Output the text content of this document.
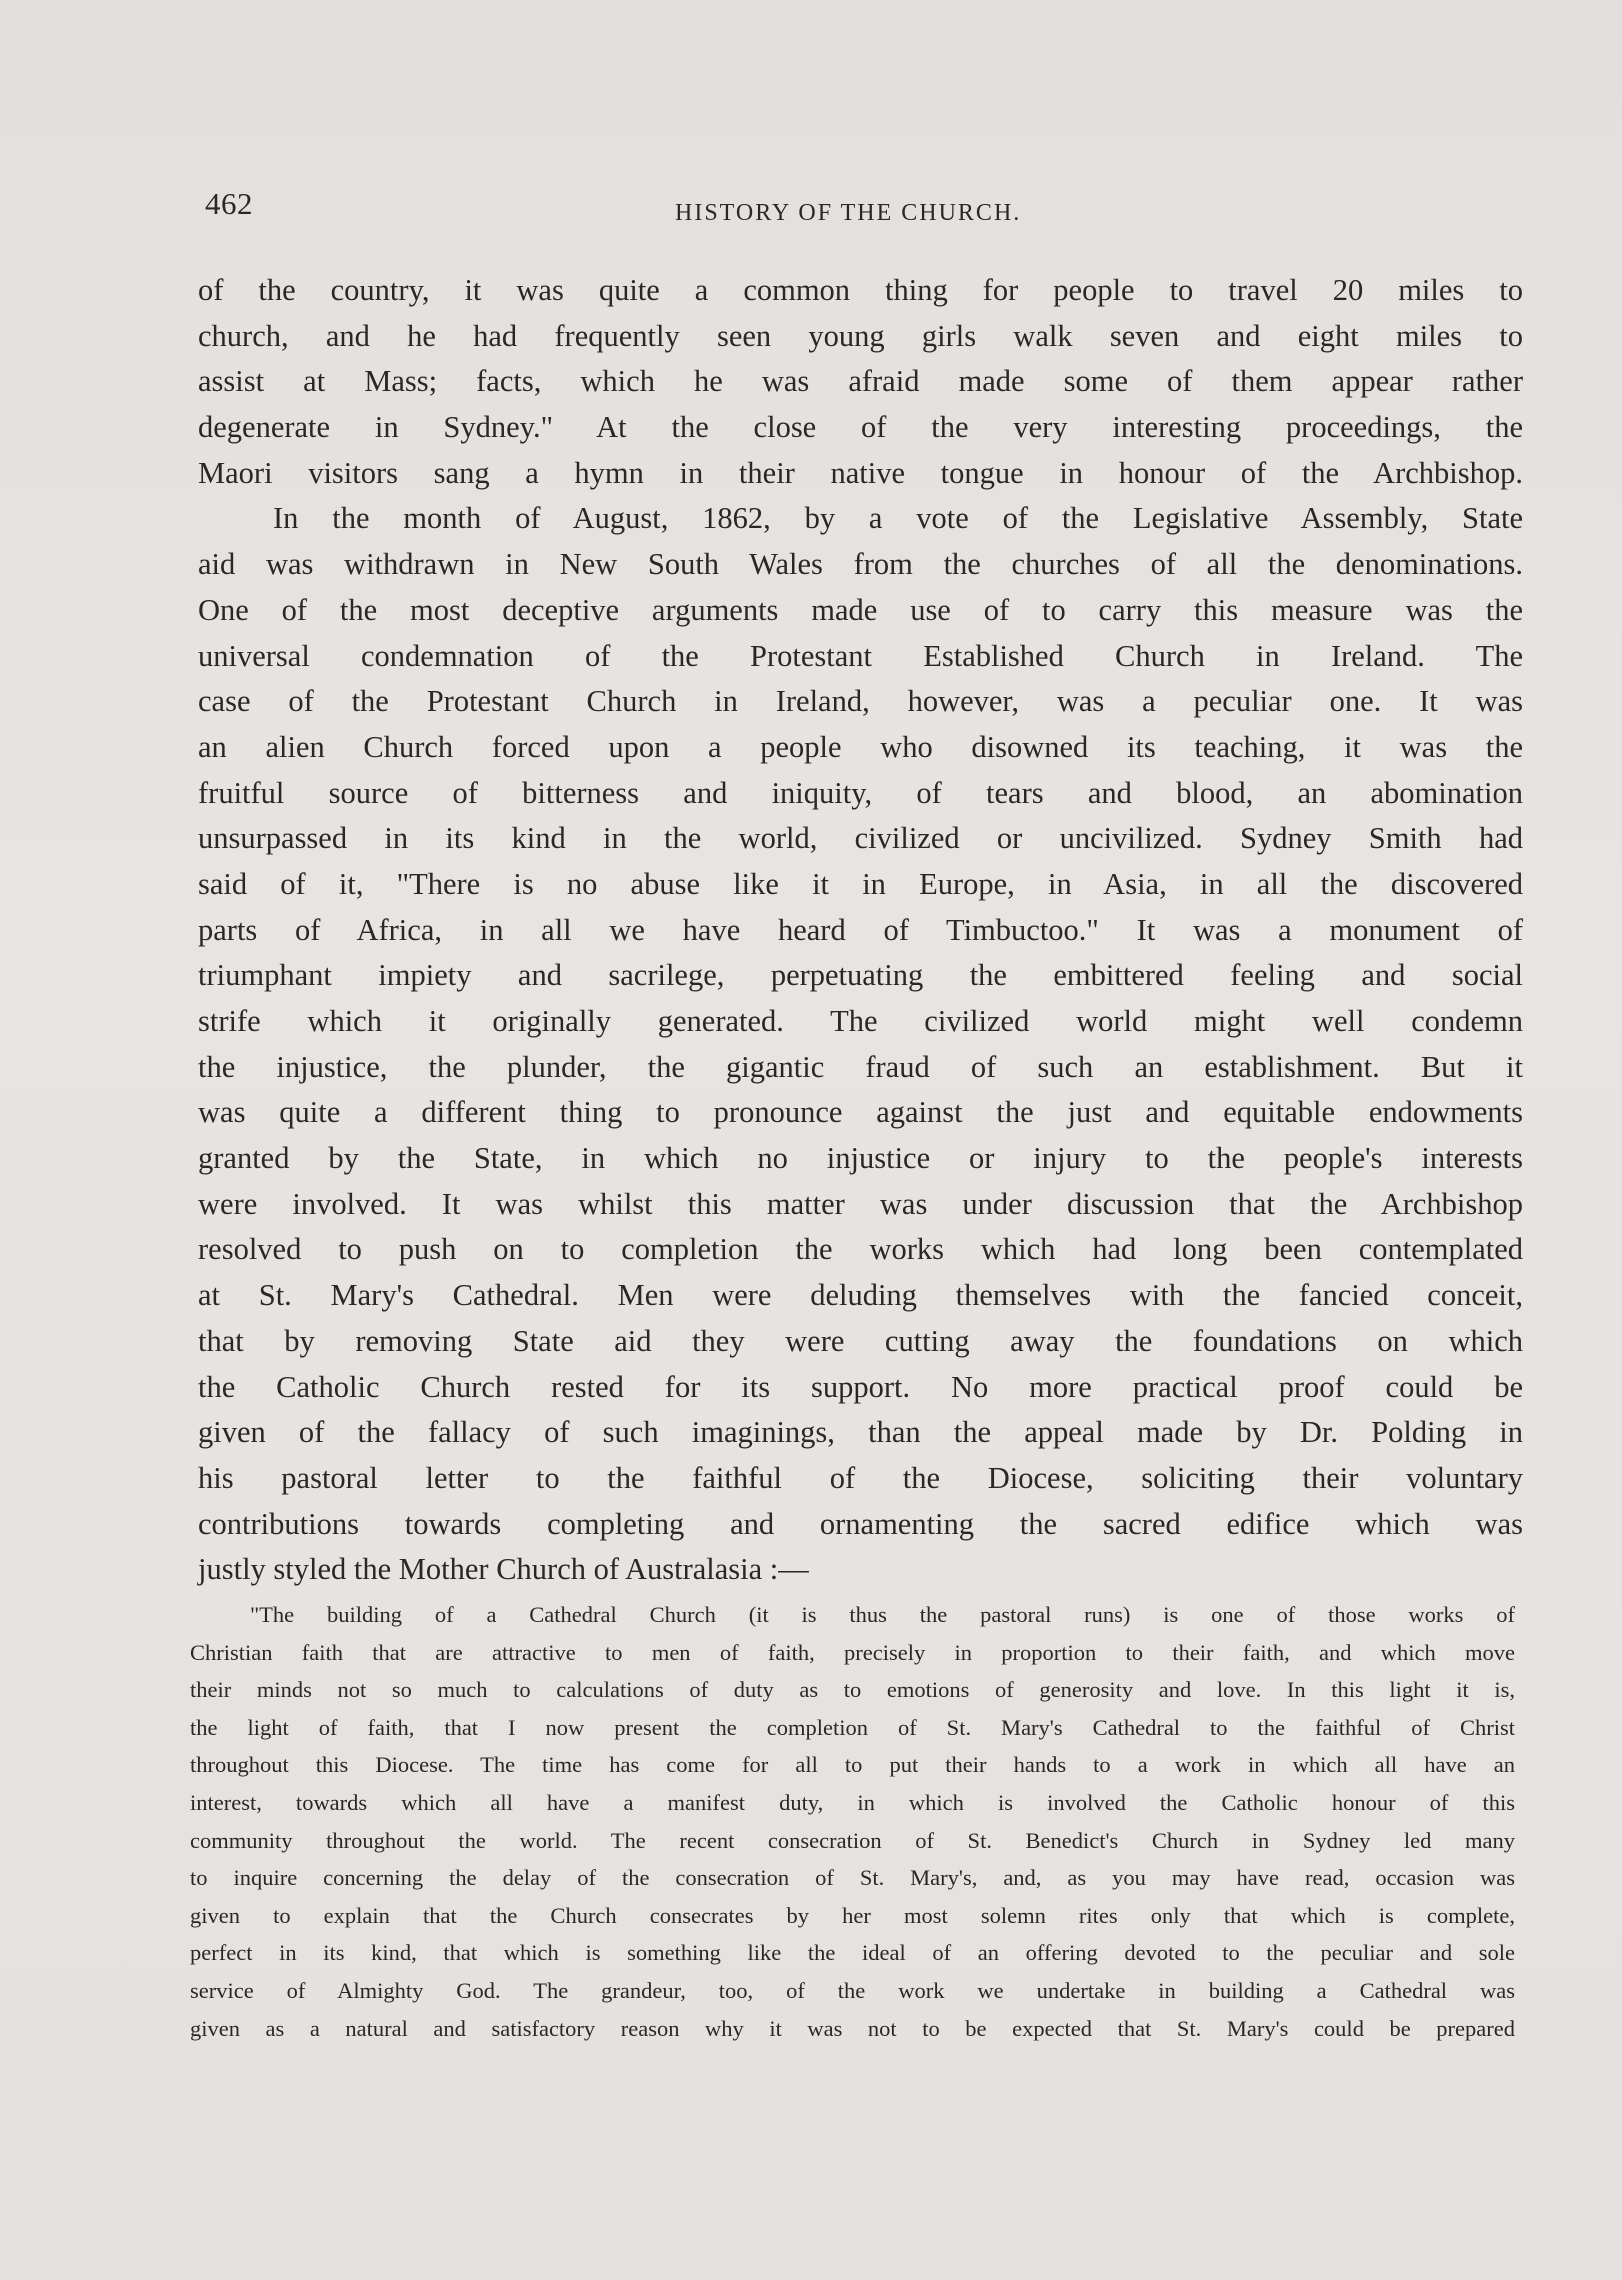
462	HISTORY OF THE CHURCH.
of the country, it was quite a common thing for people to travel 20 miles to
church, and he had frequently seen young girls walk seven and eight miles to
assist at Mass; facts, which he was afraid made some of them appear rather
degenerate in Sydney." At the close of the very interesting proceedings, the
Maori visitors sang a hymn in their native tongue in honour of the Archbishop.
In the month of August, 1862, by a vote of the Legislative Assembly, State
aid was withdrawn in New South Wales from the churches of all the denominations.
One of the most deceptive arguments made use of to carry this measure was the
universal condemnation of the Protestant Established Church in Ireland. The
case of the Protestant Church in Ireland, however, was a peculiar one. It was
an alien Church forced upon a people who disowned its teaching, it was the
fruitful source of bitterness and iniquity, of tears and blood, an abomination
unsurpassed in its kind in the world, civilized or uncivilized. Sydney Smith had
said of it, "There is no abuse like it in Europe, in Asia, in all the discovered
parts of Africa, in all we have heard of Timbuctoo." It was a monument of
triumphant impiety and sacrilege, perpetuating the embittered feeling and social
strife which it originally generated. The civilized world might well condemn
the injustice, the plunder, the gigantic fraud of such an establishment. But it
was quite a different thing to pronounce against the just and equitable endowments
granted by the State, in which no injustice or injury to the people's interests
were involved. It was whilst this matter was under discussion that the Archbishop
resolved to push on to completion the works which had long been contemplated
at St. Mary's Cathedral. Men were deluding themselves with the fancied conceit,
that by removing State aid they were cutting away the foundations on which
the Catholic Church rested for its support. No more practical proof could be
given of the fallacy of such imaginings, than the appeal made by Dr. Polding in
his pastoral letter to the faithful of the Diocese, soliciting their voluntary
contributions towards completing and ornamenting the sacred edifice which was
justly styled the Mother Church of Australasia :—
"The building of a Cathedral Church (it is thus the pastoral runs) is one of those works of
Christian faith that are attractive to men of faith, precisely in proportion to their faith, and which move
their minds not so much to calculations of duty as to emotions of generosity and love. In this light it is,
the light of faith, that I now present the completion of St. Mary's Cathedral to the faithful of Christ
throughout this Diocese. The time has come for all to put their hands to a work in which all have an
interest, towards which all have a manifest duty, in which is involved the Catholic honour of this
community throughout the world. The recent consecration of St. Benedict's Church in Sydney led many
to inquire concerning the delay of the consecration of St. Mary's, and, as you may have read, occasion was
given to explain that the Church consecrates by her most solemn rites only that which is complete,
perfect in its kind, that which is something like the ideal of an offering devoted to the peculiar and sole
service of Almighty God. The grandeur, too, of the work we undertake in building a Cathedral was
given as a natural and satisfactory reason why it was not to be expected that St. Mary's could be prepared
